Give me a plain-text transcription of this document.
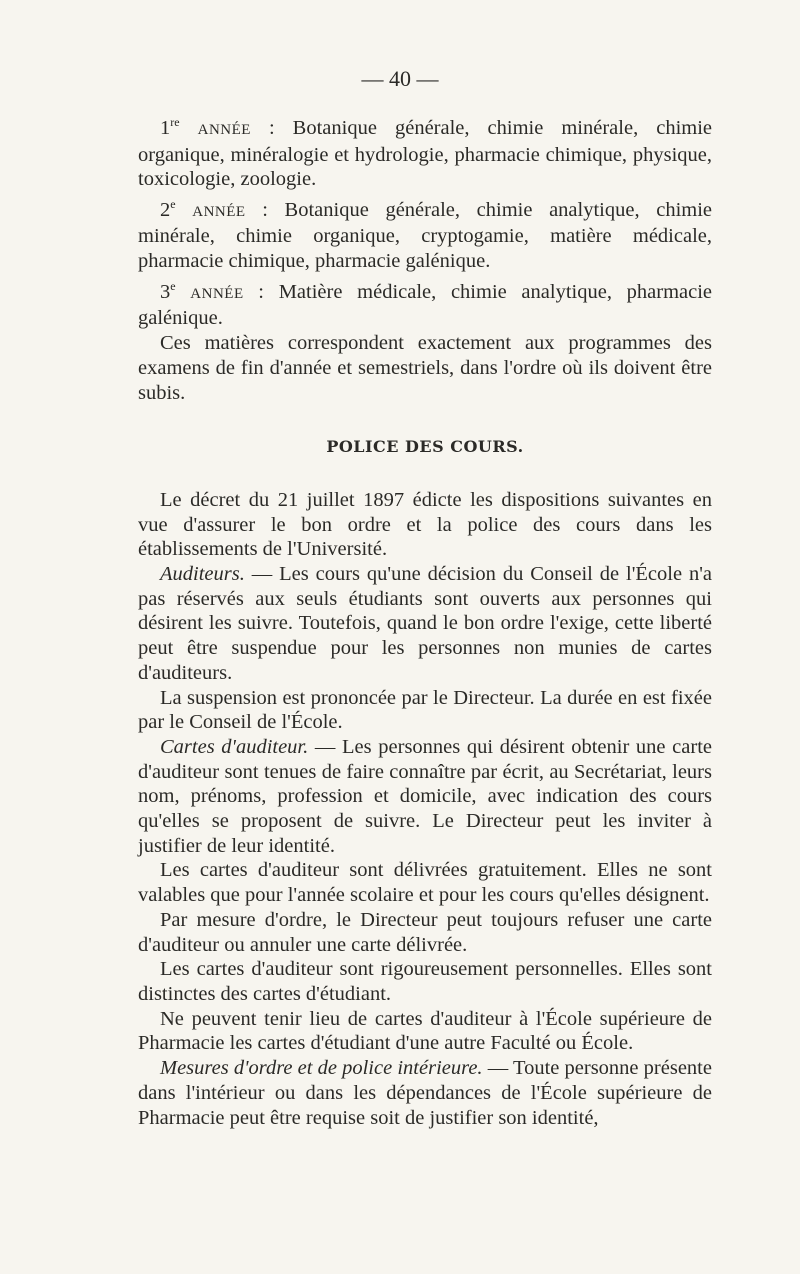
— 40 —

1re ANNÉE : Botanique générale, chimie minérale, chimie organique, minéralogie et hydrologie, pharmacie chimique, physique, toxicologie, zoologie.

2e ANNÉE : Botanique générale, chimie analytique, chimie minérale, chimie organique, cryptogamie, matière médicale, pharmacie chimique, pharmacie galénique.

3e ANNÉE : Matière médicale, chimie analytique, pharmacie galénique.

Ces matières correspondent exactement aux programmes des examens de fin d'année et semestriels, dans l'ordre où ils doivent être subis.

POLICE DES COURS.

Le décret du 21 juillet 1897 édicte les dispositions suivantes en vue d'assurer le bon ordre et la police des cours dans les établissements de l'Université.

Auditeurs. — Les cours qu'une décision du Conseil de l'École n'a pas réservés aux seuls étudiants sont ouverts aux personnes qui désirent les suivre. Toutefois, quand le bon ordre l'exige, cette liberté peut être suspendue pour les personnes non munies de cartes d'auditeurs.

La suspension est prononcée par le Directeur. La durée en est fixée par le Conseil de l'École.

Cartes d'auditeur. — Les personnes qui désirent obtenir une carte d'auditeur sont tenues de faire connaître par écrit, au Secrétariat, leurs nom, prénoms, profession et domicile, avec indication des cours qu'elles se proposent de suivre. Le Directeur peut les inviter à justifier de leur identité.

Les cartes d'auditeur sont délivrées gratuitement. Elles ne sont valables que pour l'année scolaire et pour les cours qu'elles désignent.

Par mesure d'ordre, le Directeur peut toujours refuser une carte d'auditeur ou annuler une carte délivrée.

Les cartes d'auditeur sont rigoureusement personnelles. Elles sont distinctes des cartes d'étudiant.

Ne peuvent tenir lieu de cartes d'auditeur à l'École supérieure de Pharmacie les cartes d'étudiant d'une autre Faculté ou École.

Mesures d'ordre et de police intérieure. — Toute personne présente dans l'intérieur ou dans les dépendances de l'École supérieure de Pharmacie peut être requise soit de justifier son identité,
